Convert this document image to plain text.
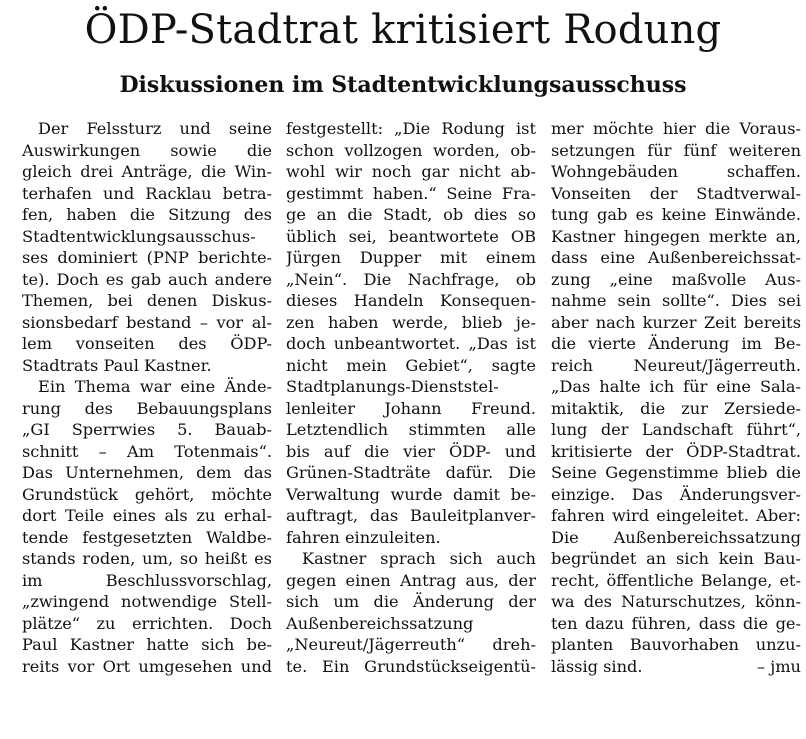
ÖDP-Stadtrat kritisiert Rodung
Diskussionen im Stadtentwicklungsausschuss
Der Felssturz und seine
Auswirkungen sowie die
gleich drei Anträge, die Win-
terhafen und Racklau betra-
fen, haben die Sitzung des
Stadtentwicklungsausschus-
ses dominiert (PNP berichte-
te). Doch es gab auch andere
Themen, bei denen Diskus-
sionsbedarf bestand – vor al-
lem vonseiten des ÖDP-
Stadtrats Paul Kastner.
Ein Thema war eine Ände-
rung des Bebauungsplans
„GI Sperrwies 5. Bauab-
schnitt – Am Totenmais“.
Das Unternehmen, dem das
Grundstück gehört, möchte
dort Teile eines als zu erhal-
tende festgesetzten Waldbe-
stands roden, um, so heißt es
im Beschlussvorschlag,
„zwingend notwendige Stell-
plätze“ zu errichten. Doch
Paul Kastner hatte sich be-
reits vor Ort umgesehen und
festgestellt: „Die Rodung ist
schon vollzogen worden, ob-
wohl wir noch gar nicht ab-
gestimmt haben.“ Seine Fra-
ge an die Stadt, ob dies so
üblich sei, beantwortete OB
Jürgen Dupper mit einem
„Nein“. Die Nachfrage, ob
dieses Handeln Konsequen-
zen haben werde, blieb je-
doch unbeantwortet. „Das ist
nicht mein Gebiet“, sagte
Stadtplanungs-Dienststel-
lenleiter Johann Freund.
Letztendlich stimmten alle
bis auf die vier ÖDP- und
Grünen-Stadträte dafür. Die
Verwaltung wurde damit be-
auftragt, das Bauleitplanver-
fahren einzuleiten.
Kastner sprach sich auch
gegen einen Antrag aus, der
sich um die Änderung der
Außenbereichssatzung
„Neureut/Jägerreuth“ dreh-
te. Ein Grundstückseigentü-
mer möchte hier die Voraus-
setzungen für fünf weiteren
Wohngebäuden schaffen.
Vonseiten der Stadtverwal-
tung gab es keine Einwände.
Kastner hingegen merkte an,
dass eine Außenbereichssat-
zung „eine maßvolle Aus-
nahme sein sollte“. Dies sei
aber nach kurzer Zeit bereits
die vierte Änderung im Be-
reich Neureut/Jägerreuth.
„Das halte ich für eine Sala-
mitaktik, die zur Zersiede-
lung der Landschaft führt“,
kritisierte der ÖDP-Stadtrat.
Seine Gegenstimme blieb die
einzige. Das Änderungsver-
fahren wird eingeleitet. Aber:
Die Außenbereichssatzung
begründet an sich kein Bau-
recht, öffentliche Belange, et-
wa des Naturschutzes, könn-
ten dazu führen, dass die ge-
planten Bauvorhaben unzu-
lässig sind.	– jmu
